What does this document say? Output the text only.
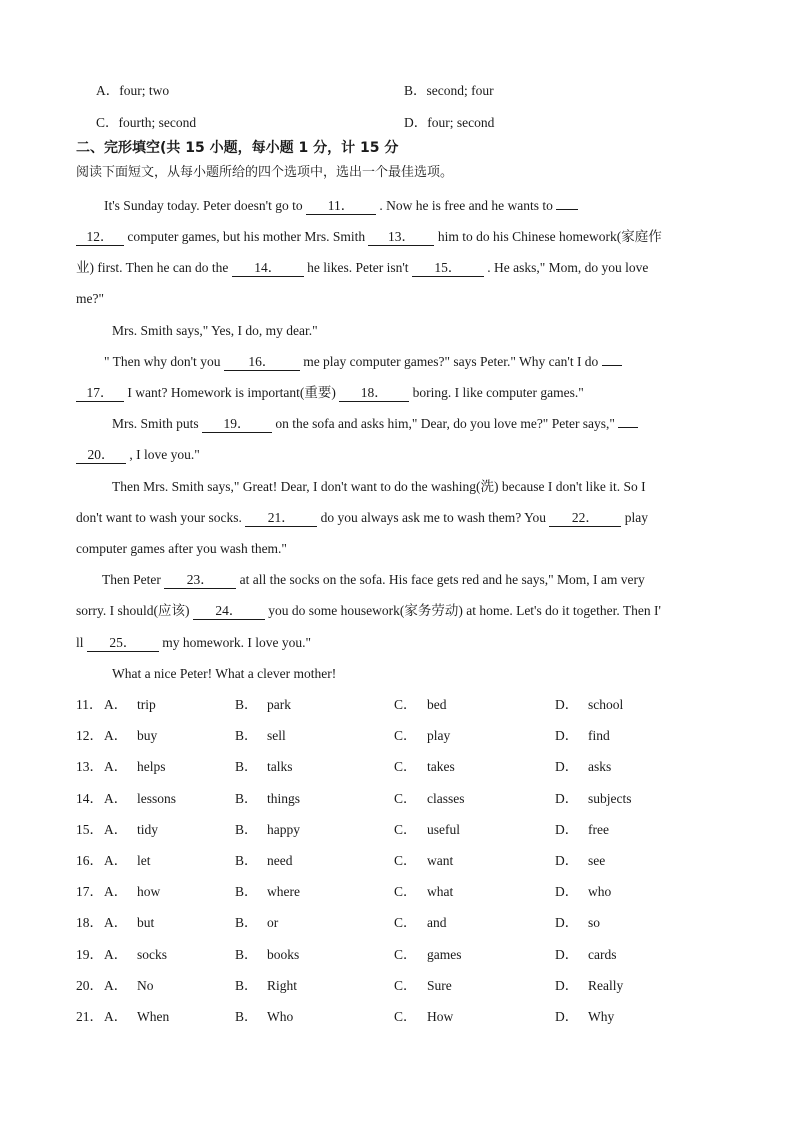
A．four; two	B．second; four
C．fourth; second	D．four; second
二、完形填空(共 15 小题，每小题 1 分，计 15 分
阅读下面短文，从每小题所给的四个选项中，选出一个最佳选项。
It's Sunday today. Peter doesn't go to 11． . Now he is free and he wants to
12． computer games, but his mother Mrs. Smith 13． him to do his Chinese homework(家庭作
业) first. Then he can do the 14． he likes. Peter isn't 15． . He asks," Mom, do you love
me?"
Mrs. Smith says," Yes, I do, my dear."
" Then why don't you 16． me play computer games?" says Peter." Why can't I do
17． I want? Homework is important(重要) 18． boring. I like computer games."
Mrs. Smith puts 19． on the sofa and asks him," Dear, do you love me?" Peter says,"
20． , I love you."
Then Mrs. Smith says," Great! Dear, I don't want to do the washing(洗) because I don't like it. So I
don't want to wash your socks. 21． do you always ask me to wash them? You 22． play
computer games after you wash them."
Then Peter 23． at all the socks on the sofa. His face gets red and he says," Mom, I am very
sorry. I should(应该) 24． you do some housework(家务劳动) at home. Let's do it together. Then I'
ll 25． my homework. I love you."
What a nice Peter! What a clever mother!
11． A． trip	B． park	C． bed	D． school
12． A． buy	B． sell	C． play	D． find
13． A． helps	B． talks	C． takes	D． asks
14． A． lessons	B． things	C． classes	D． subjects
15． A． tidy	B． happy	C． useful	D． free
16． A． let	B． need	C． want	D． see
17． A． how	B． where	C． what	D． who
18． A． but	B． or	C． and	D． so
19． A． socks	B． books	C． games	D． cards
20． A． No	B． Right	C． Sure	D． Really
21． A． When	B． Who	C． How	D． Why
